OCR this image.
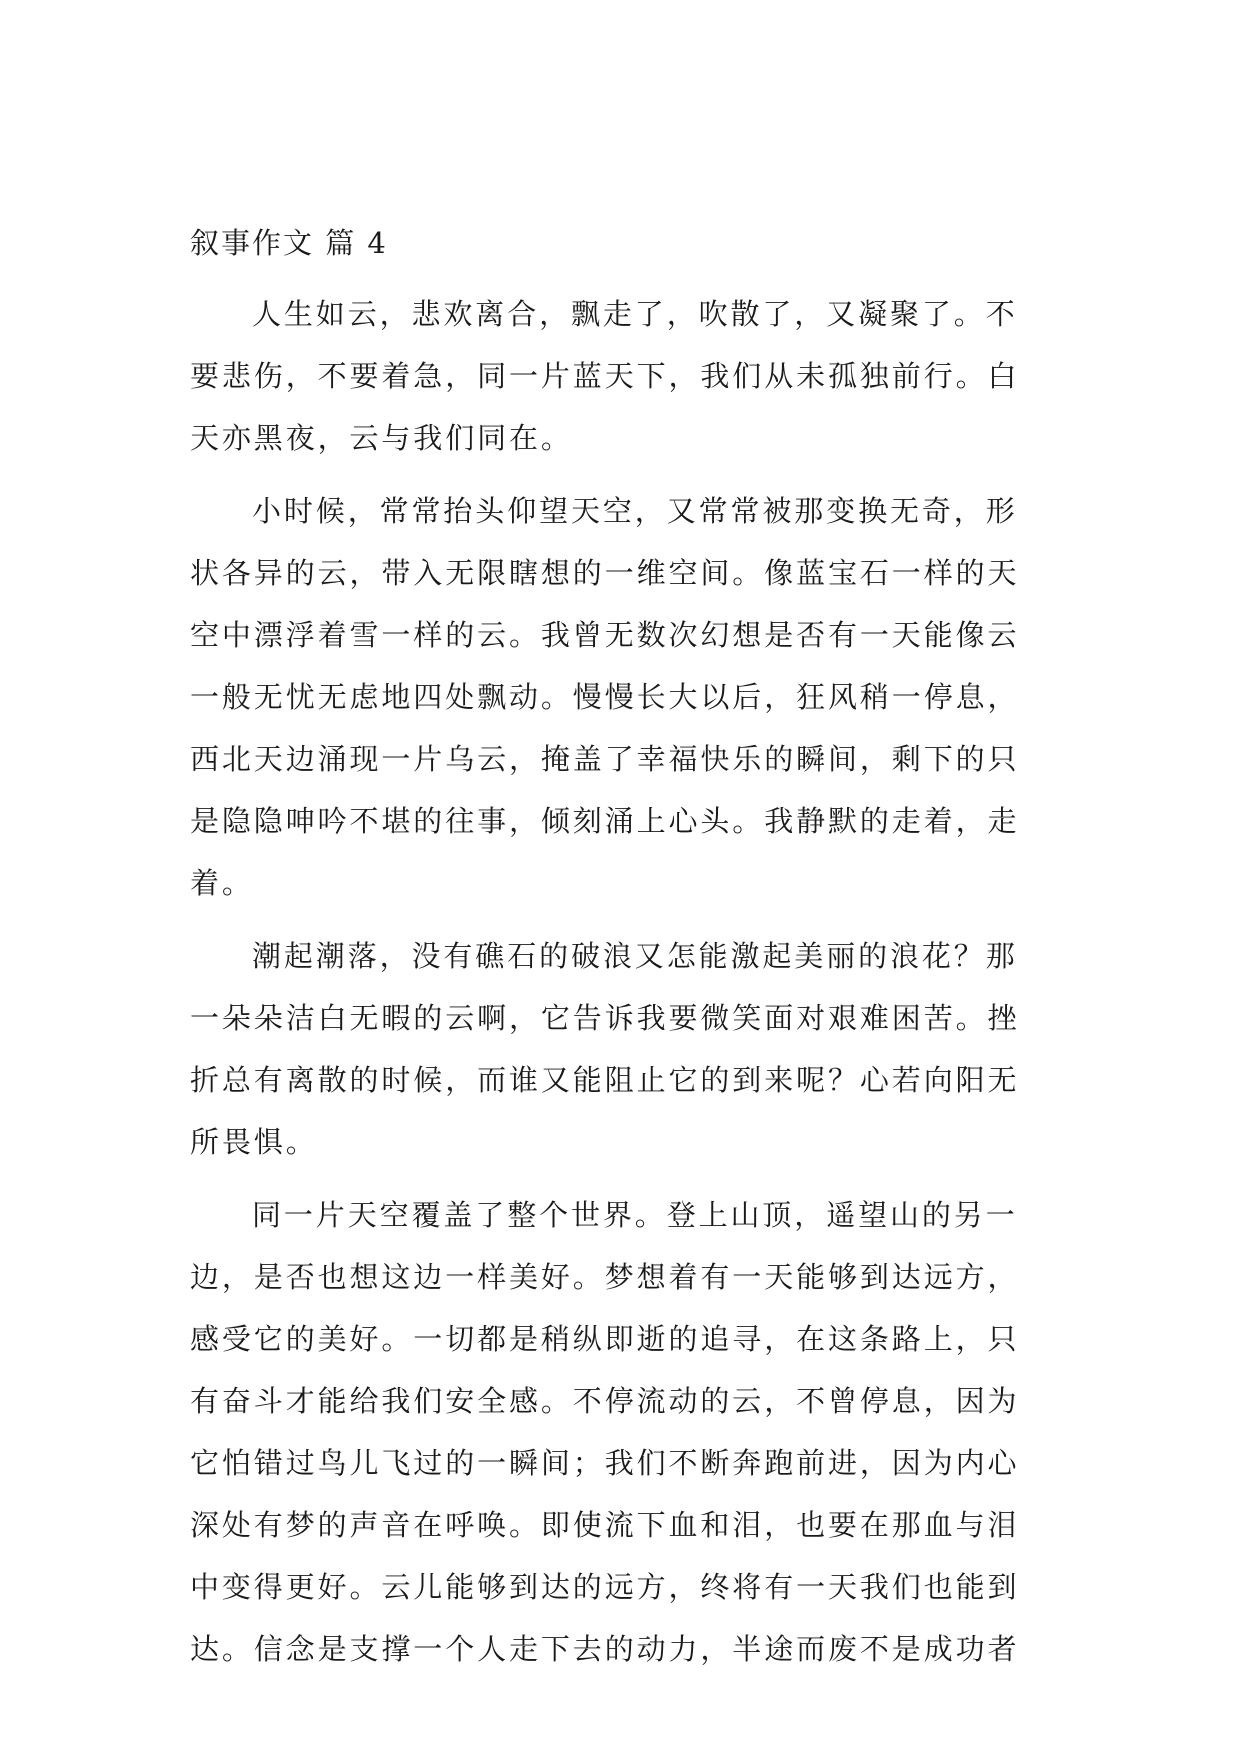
叙事作文 篇 4
人生如云，悲欢离合，飘走了，吹散了，又凝聚了。不
要悲伤，不要着急，同一片蓝天下，我们从未孤独前行。白
天亦黑夜，云与我们同在。
小时候，常常抬头仰望天空，又常常被那变换无奇，形
状各异的云，带入无限瞎想的一维空间。像蓝宝石一样的天
空中漂浮着雪一样的云。我曾无数次幻想是否有一天能像云
一般无忧无虑地四处飘动。慢慢长大以后，狂风稍一停息，
西北天边涌现一片乌云，掩盖了幸福快乐的瞬间，剩下的只
是隐隐呻吟不堪的往事，倾刻涌上心头。我静默的走着，走
着。
潮起潮落，没有礁石的破浪又怎能激起美丽的浪花？那
一朵朵洁白无暇的云啊，它告诉我要微笑面对艰难困苦。挫
折总有离散的时候，而谁又能阻止它的到来呢？心若向阳无
所畏惧。
同一片天空覆盖了整个世界。登上山顶，遥望山的另一
边，是否也想这边一样美好。梦想着有一天能够到达远方，
感受它的美好。一切都是稍纵即逝的追寻，在这条路上，只
有奋斗才能给我们安全感。不停流动的云，不曾停息，因为
它怕错过鸟儿飞过的一瞬间；我们不断奔跑前进，因为内心
深处有梦的声音在呼唤。即使流下血和泪，也要在那血与泪
中变得更好。云儿能够到达的远方，终将有一天我们也能到
达。信念是支撑一个人走下去的动力，半途而废不是成功者
